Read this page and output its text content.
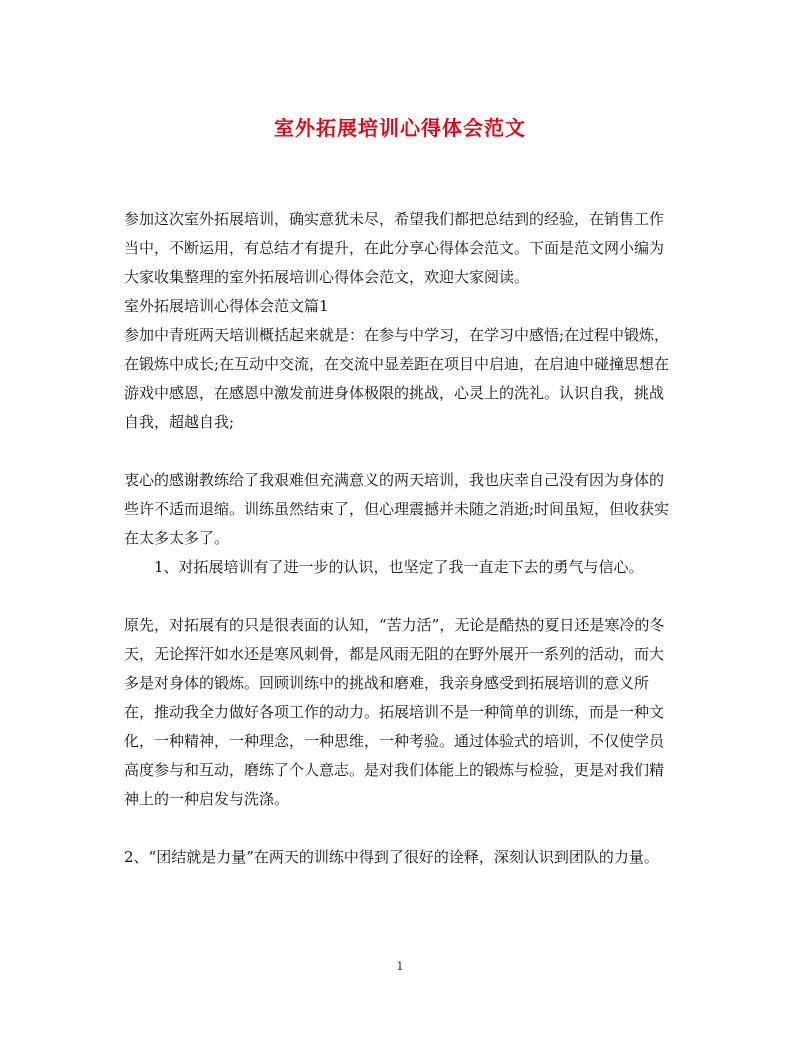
室外拓展培训心得体会范文

参加这次室外拓展培训，确实意犹未尽，希望我们都把总结到的经验，在销售工作当中，不断运用，有总结才有提升，在此分享心得体会范文。下面是范文网小编为大家收集整理的室外拓展培训心得体会范文，欢迎大家阅读。

室外拓展培训心得体会范文篇1

参加中青班两天培训概括起来就是：在参与中学习，在学习中感悟;在过程中锻炼，在锻炼中成长;在互动中交流，在交流中显差距在项目中启迪，在启迪中碰撞思想在游戏中感恩，在感恩中激发前进身体极限的挑战，心灵上的洗礼。认识自我，挑战自我，超越自我;

衷心的感谢教练给了我艰难但充满意义的两天培训，我也庆幸自己没有因为身体的些许不适而退缩。训练虽然结束了，但心理震撼并未随之消逝;时间虽短，但收获实在太多太多了。

1、对拓展培训有了进一步的认识，也坚定了我一直走下去的勇气与信心。

原先，对拓展有的只是很表面的认知，“苦力活”，无论是酷热的夏日还是寒冷的冬天，无论挥汗如水还是寒风刺骨，都是风雨无阻的在野外展开一系列的活动，而大多是对身体的锻炼。回顾训练中的挑战和磨难，我亲身感受到拓展培训的意义所在，推动我全力做好各项工作的动力。拓展培训不是一种简单的训练，而是一种文化，一种精神，一种理念，一种思维，一种考验。通过体验式的培训，不仅使学员高度参与和互动，磨练了个人意志。是对我们体能上的锻炼与检验，更是对我们精神上的一种启发与洗涤。

2、“团结就是力量”在两天的训练中得到了很好的诠释，深刻认识到团队的力量。

1
